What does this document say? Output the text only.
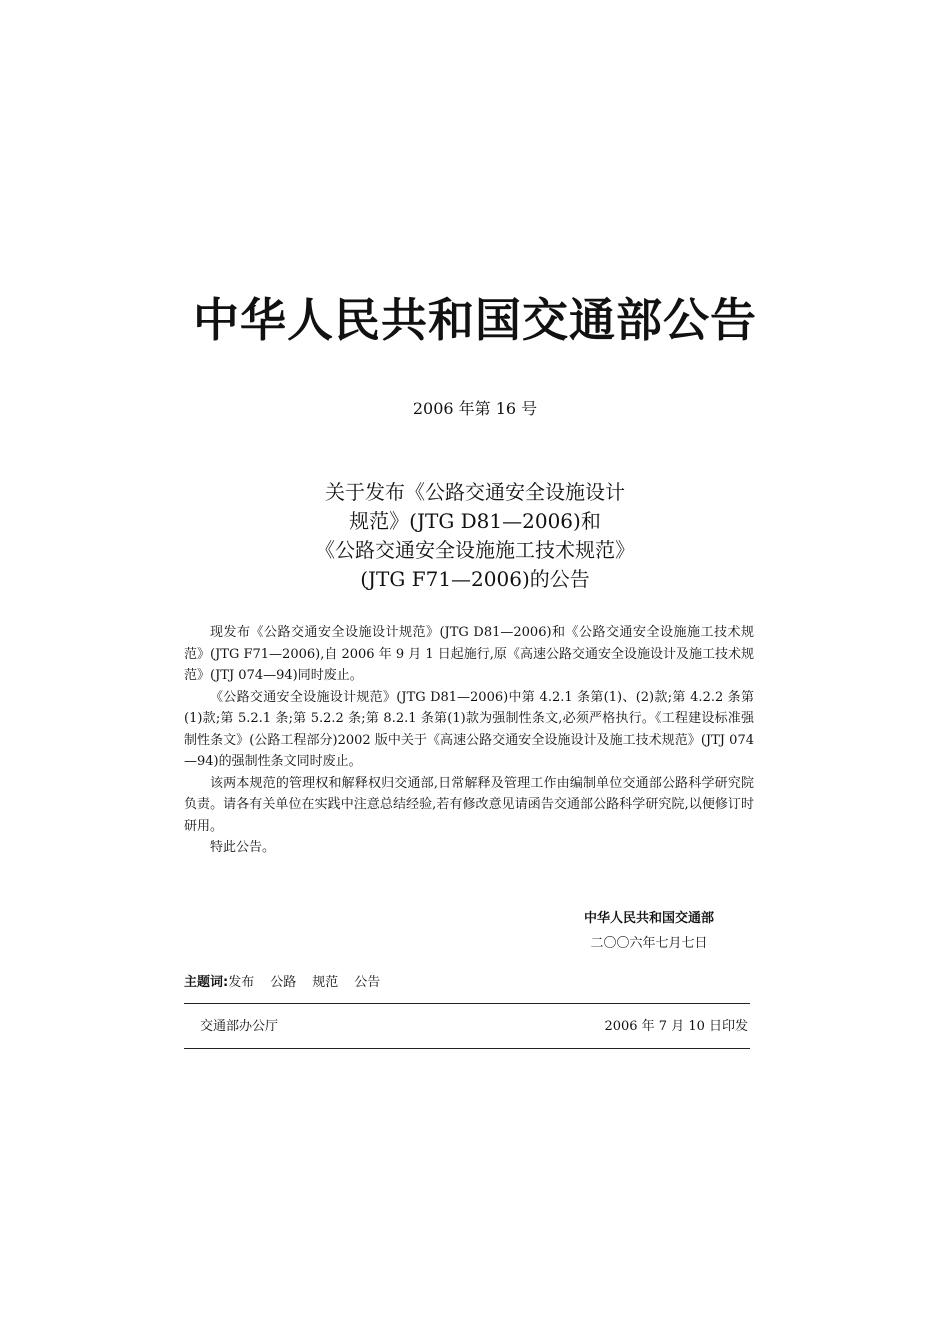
中华人民共和国交通部公告
2006 年第 16 号
关于发布《公路交通安全设施设计
规范》(JTG D81—2006)和
《公路交通安全设施施工技术规范》
(JTG F71—2006)的公告

现发布《公路交通安全设施设计规范》(JTG D81—2006)和《公路交通安全设施施工技术规范》(JTG F71—2006),自 2006 年 9 月 1 日起施行,原《高速公路交通安全设施设计及施工技术规范》(JTJ 074—94)同时废止。

《公路交通安全设施设计规范》(JTG D81—2006)中第 4.2.1 条第(1)、(2)款;第 4.2.2 条第(1)款;第 5.2.1 条;第 5.2.2 条;第 8.2.1 条第(1)款为强制性条文,必须严格执行。《工程建设标准强制性条文》(公路工程部分)2002 版中关于《高速公路交通安全设施设计及施工技术规范》(JTJ 074—94)的强制性条文同时废止。

该两本规范的管理权和解释权归交通部,日常解释及管理工作由编制单位交通部公路科学研究院负责。请各有关单位在实践中注意总结经验,若有修改意见请函告交通部公路科学研究院,以便修订时研用。

特此公告。

中华人民共和国交通部
二〇〇六年七月七日
主题词:发布 公路 规范 公告
交通部办公厅	2006 年 7 月 10 日印发
